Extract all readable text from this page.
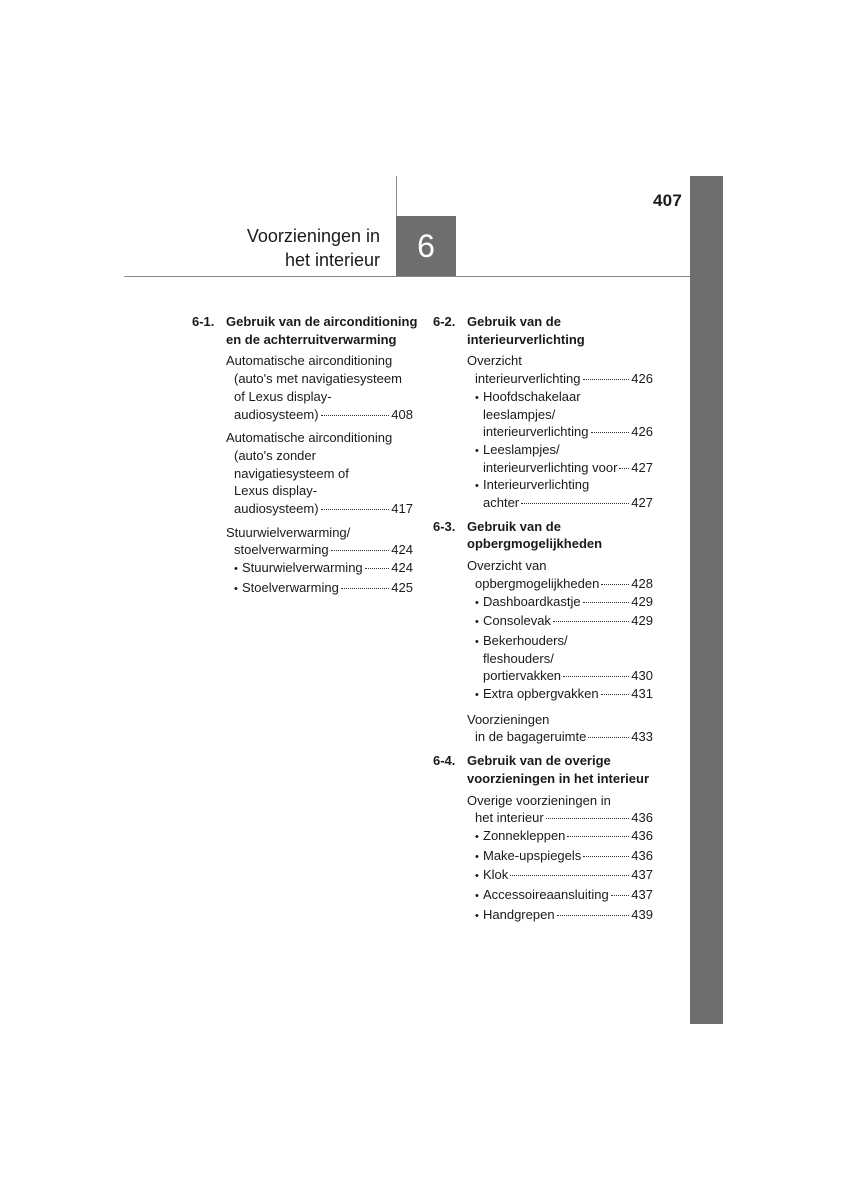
407
6
Voorzieningen in
het interieur
6-1. Gebruik van de airconditioning
en de achterruitverwarming
Automatische airconditioning
(auto's met navigatiesysteem
of Lexus display-
audiosysteem)	408
Automatische airconditioning
(auto's zonder
navigatiesysteem of
Lexus display-
audiosysteem)	417
Stuurwielverwarming/
stoelverwarming	424
• Stuurwielverwarming 424
• Stoelverwarming	425
6-2. Gebruik van de
interieurverlichting
Overzicht
interieurverlichting	426
• Hoofdschakelaar
leeslampjes/
interieurverlichting	426
• Leeslampjes/
interieurverlichting voor 427
• Interieurverlichting
achter	427
6-3. Gebruik van de
opbergmogelijkheden
Overzicht van
opbergmogelijkheden 428
• Dashboardkastje	429
• Consolevak	429
• Bekerhouders/
fleshouders/
portiervakken	430
• Extra opbergvakken	431
Voorzieningen
in de bagageruimte	433
6-4. Gebruik van de overige
voorzieningen in het interieur
Overige voorzieningen in
het interieur	436
• Zonnekleppen	436
• Make-upspiegels	436
• Klok	437
• Accessoireaansluiting 437
• Handgrepen	439
